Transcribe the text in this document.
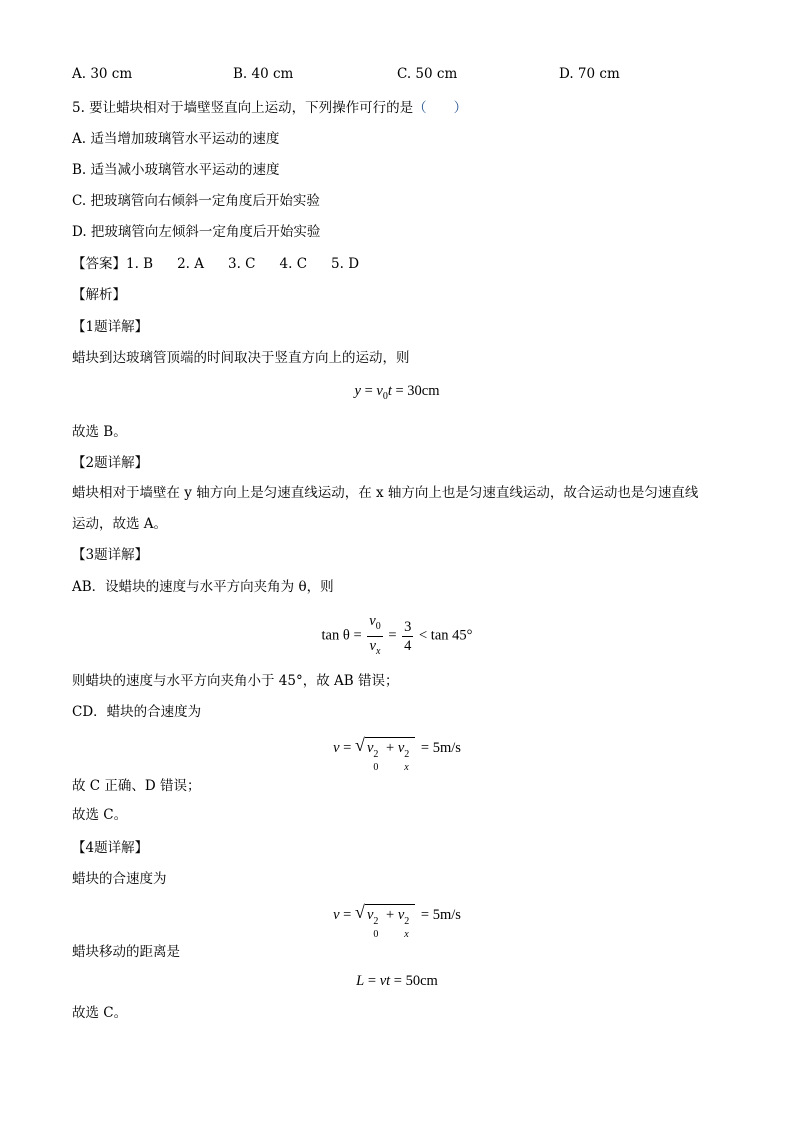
A. 30 cm	B. 40 cm	C. 50 cm	D. 70 cm
5. 要让蜡块相对于墙壁竖直向上运动，下列操作可行的是（　　）
A. 适当增加玻璃管水平运动的速度
B. 适当减小玻璃管水平运动的速度
C. 把玻璃管向右倾斜一定角度后开始实验
D. 把玻璃管向左倾斜一定角度后开始实验
【答案】1. B 2. A 3. C 4. C 5. D
【解析】
【1题详解】
蜡块到达玻璃管顶端的时间取决于竖直方向上的运动，则
$y = v_0t = 30cm$
故选 B。
【2题详解】
蜡块相对于墙壁在 y 轴方向上是匀速直线运动，在 x 轴方向上也是匀速直线运动，故合运动也是匀速直线
运动，故选 A。
【3题详解】
AB．设蜡块的速度与水平方向夹角为 θ，则
$\tan \theta = \frac{v_0}{v_x} = \frac{3}{4} < \tan 45^\circ$
则蜡块的速度与水平方向夹角小于 45°，故 AB 错误；
CD．蜡块的合速度为
v = √ v 2
0
+ v 2
x
= 5m/s
故 C 正确、D 错误；
故选 C。
【4题详解】
蜡块的合速度为
v = √ v 2
0
+ v 2
x
= 5m/s
蜡块移动的距离是
L = vt = 50cm
故选 C。
